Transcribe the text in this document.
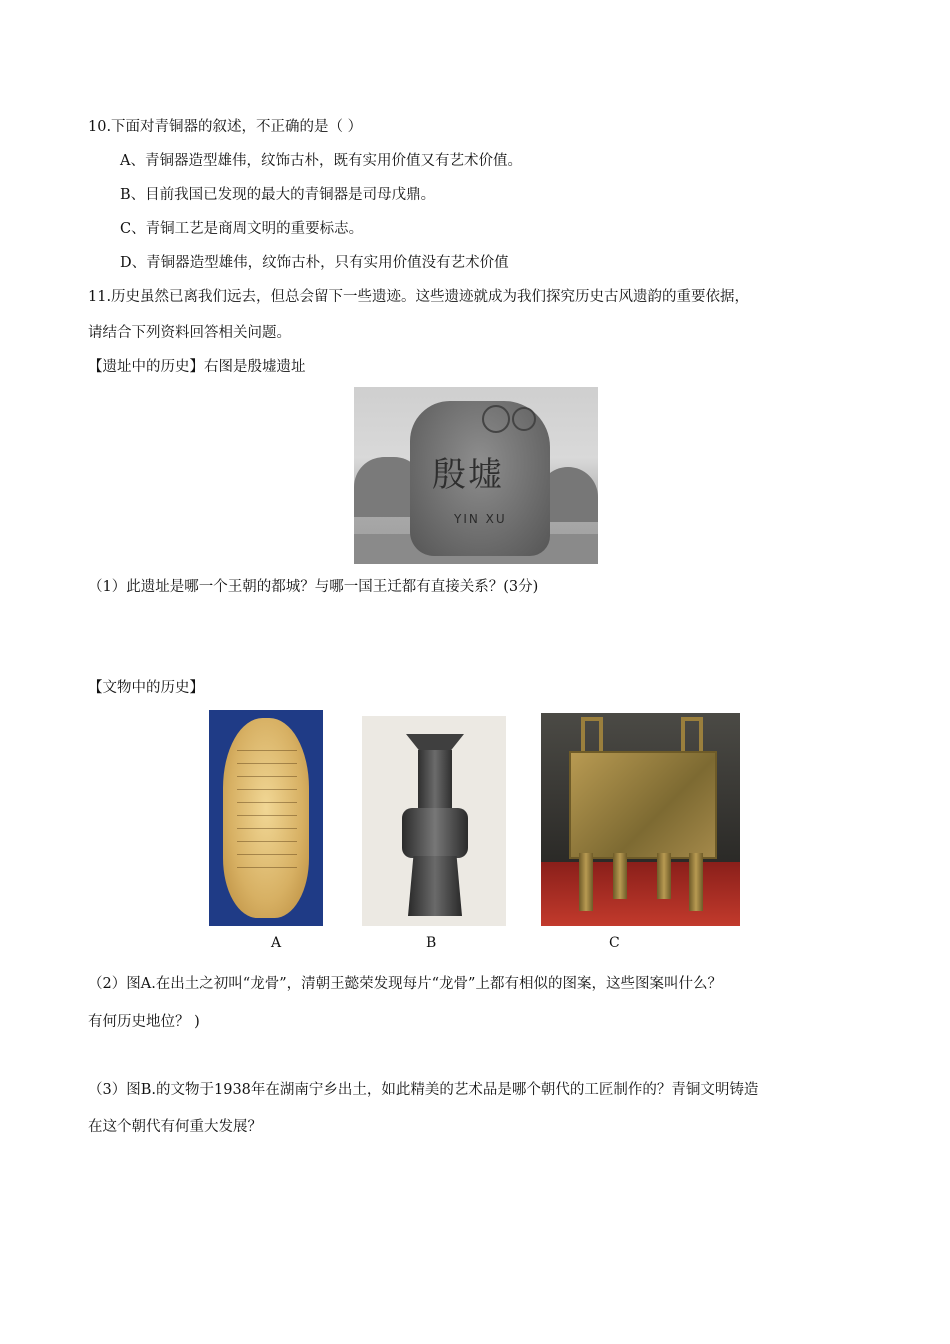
10.下面对青铜器的叙述，不正确的是（ ）
A、青铜器造型雄伟，纹饰古朴，既有实用价值又有艺术价值。
B、目前我国已发现的最大的青铜器是司母戊鼎。
C、青铜工艺是商周文明的重要标志。
D、青铜器造型雄伟，纹饰古朴，只有实用价值没有艺术价值
11.历史虽然已离我们远去，但总会留下一些遗迹。这些遗迹就成为我们探究历史古风遗韵的重要依据，
请结合下列资料回答相关问题。
【遗址中的历史】右图是殷墟遗址
殷墟
YIN XU
（1）此遗址是哪一个王朝的都城？与哪一国王迁都有直接关系？(3分)
【文物中的历史】
A	B	C
（2）图A.在出土之初叫“龙骨”，清朝王懿荣发现每片“龙骨”上都有相似的图案，这些图案叫什么？
有何历史地位？ )
（3）图B.的文物于1938年在湖南宁乡出土，如此精美的艺术品是哪个朝代的工匠制作的？青铜文明铸造
在这个朝代有何重大发展？
